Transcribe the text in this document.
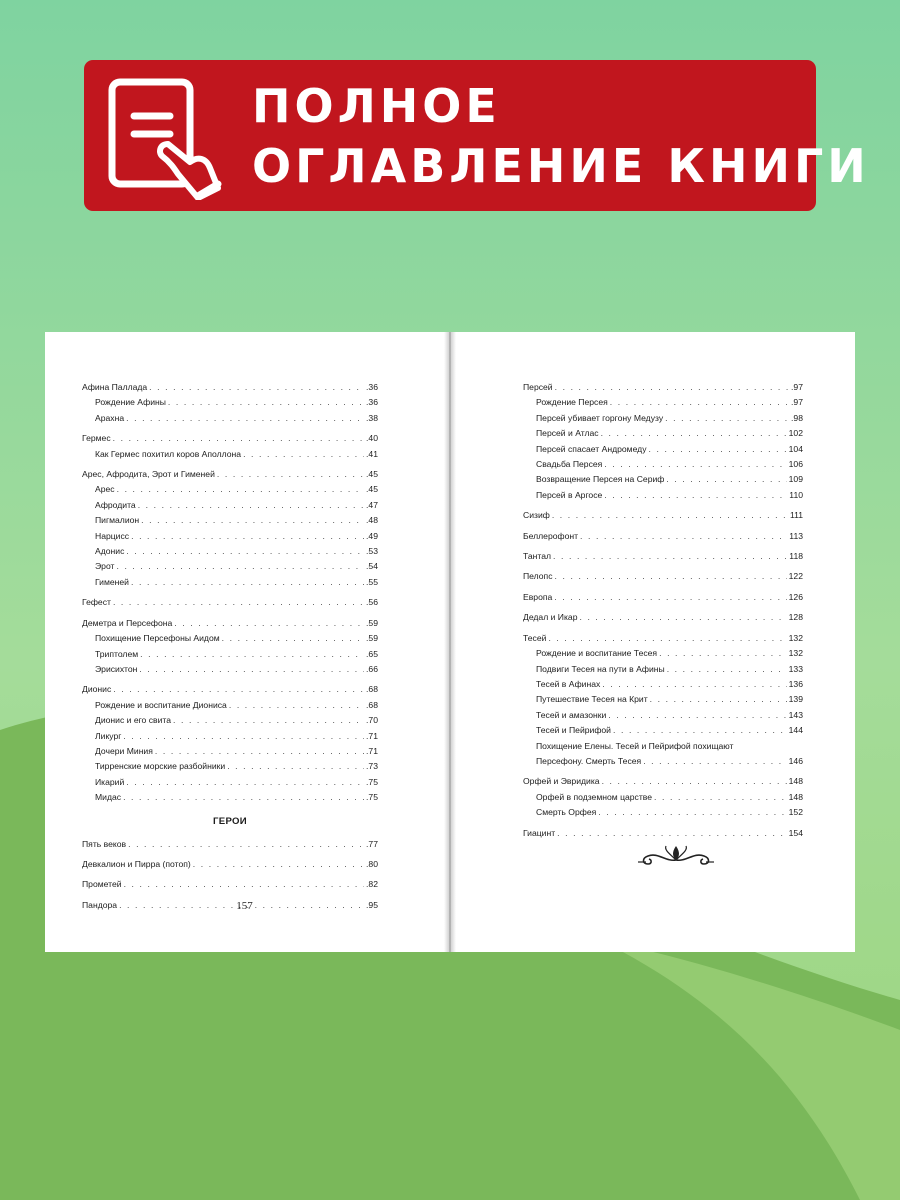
ПОЛНОЕ
ОГЛАВЛЕНИЕ КНИГИ
Афина Паллада . . .	.36
Рождение Афины . . .	.36
Арахна . . .	.38
Гермес . . .	.40
Как Гермес похитил коров Аполлона . . .	.41
Арес, Афродита, Эрот и Гименей . . .	.45
Арес . . .	.45
Афродита . . .	.47
Пигмалион . . .	.48
Нарцисс . . .	.49
Адонис . . .	.53
Эрот . . .	.54
Гименей . . .	.55
Гефест . . .	.56
Деметра и Персефона . . .	.59
Похищение Персефоны Аидом . . .	.59
Триптолем . . .	.65
Эрисихтон . . .	.66
Дионис . . .	.68
Рождение и воспитание Диониса . . .	.68
Дионис и его свита . . .	.70
Ликург . . .	.71
Дочери Миния . . .	.71
Тирренские морские разбойники . . .	.73
Икарий . . .	.75
Мидас . . .	.75
ГЕРОИ
Пять веков . . .	.77
Девкалион и Пирра (потоп) . . .	.80
Прометей . . .	.82
Пандора . . .	.95
157
Персей . . .	.97
Рождение Персея . . .	.97
Персей убивает горгону Медузу . . .	.98
Персей и Атлас . . .	102
Персей спасает Андромеду . . .	104
Свадьба Персея . . .	106
Возвращение Персея на Сериф . . .	109
Персей в Аргосе . . .	110
Сизиф . . .	111
Беллерофонт . . .	113
Тантал . . .	118
Пелопс . . .	122
Европа . . .	126
Дедал и Икар . . .	128
Тесей . . .	132
Рождение и воспитание Тесея . . .	132
Подвиги Тесея на пути в Афины . . .	133
Тесей в Афинах . . .	136
Путешествие Тесея на Крит . . .	139
Тесей и амазонки . . .	143
Тесей и Пейрифой . . .	144
Похищение Елены. Тесей и Пейрифой похищают
Персефону. Смерть Тесея . . .	146
Орфей и Эвридика . . .	148
Орфей в подземном царстве . . .	148
Смерть Орфея . . .	152
Гиацинт . . .	154
